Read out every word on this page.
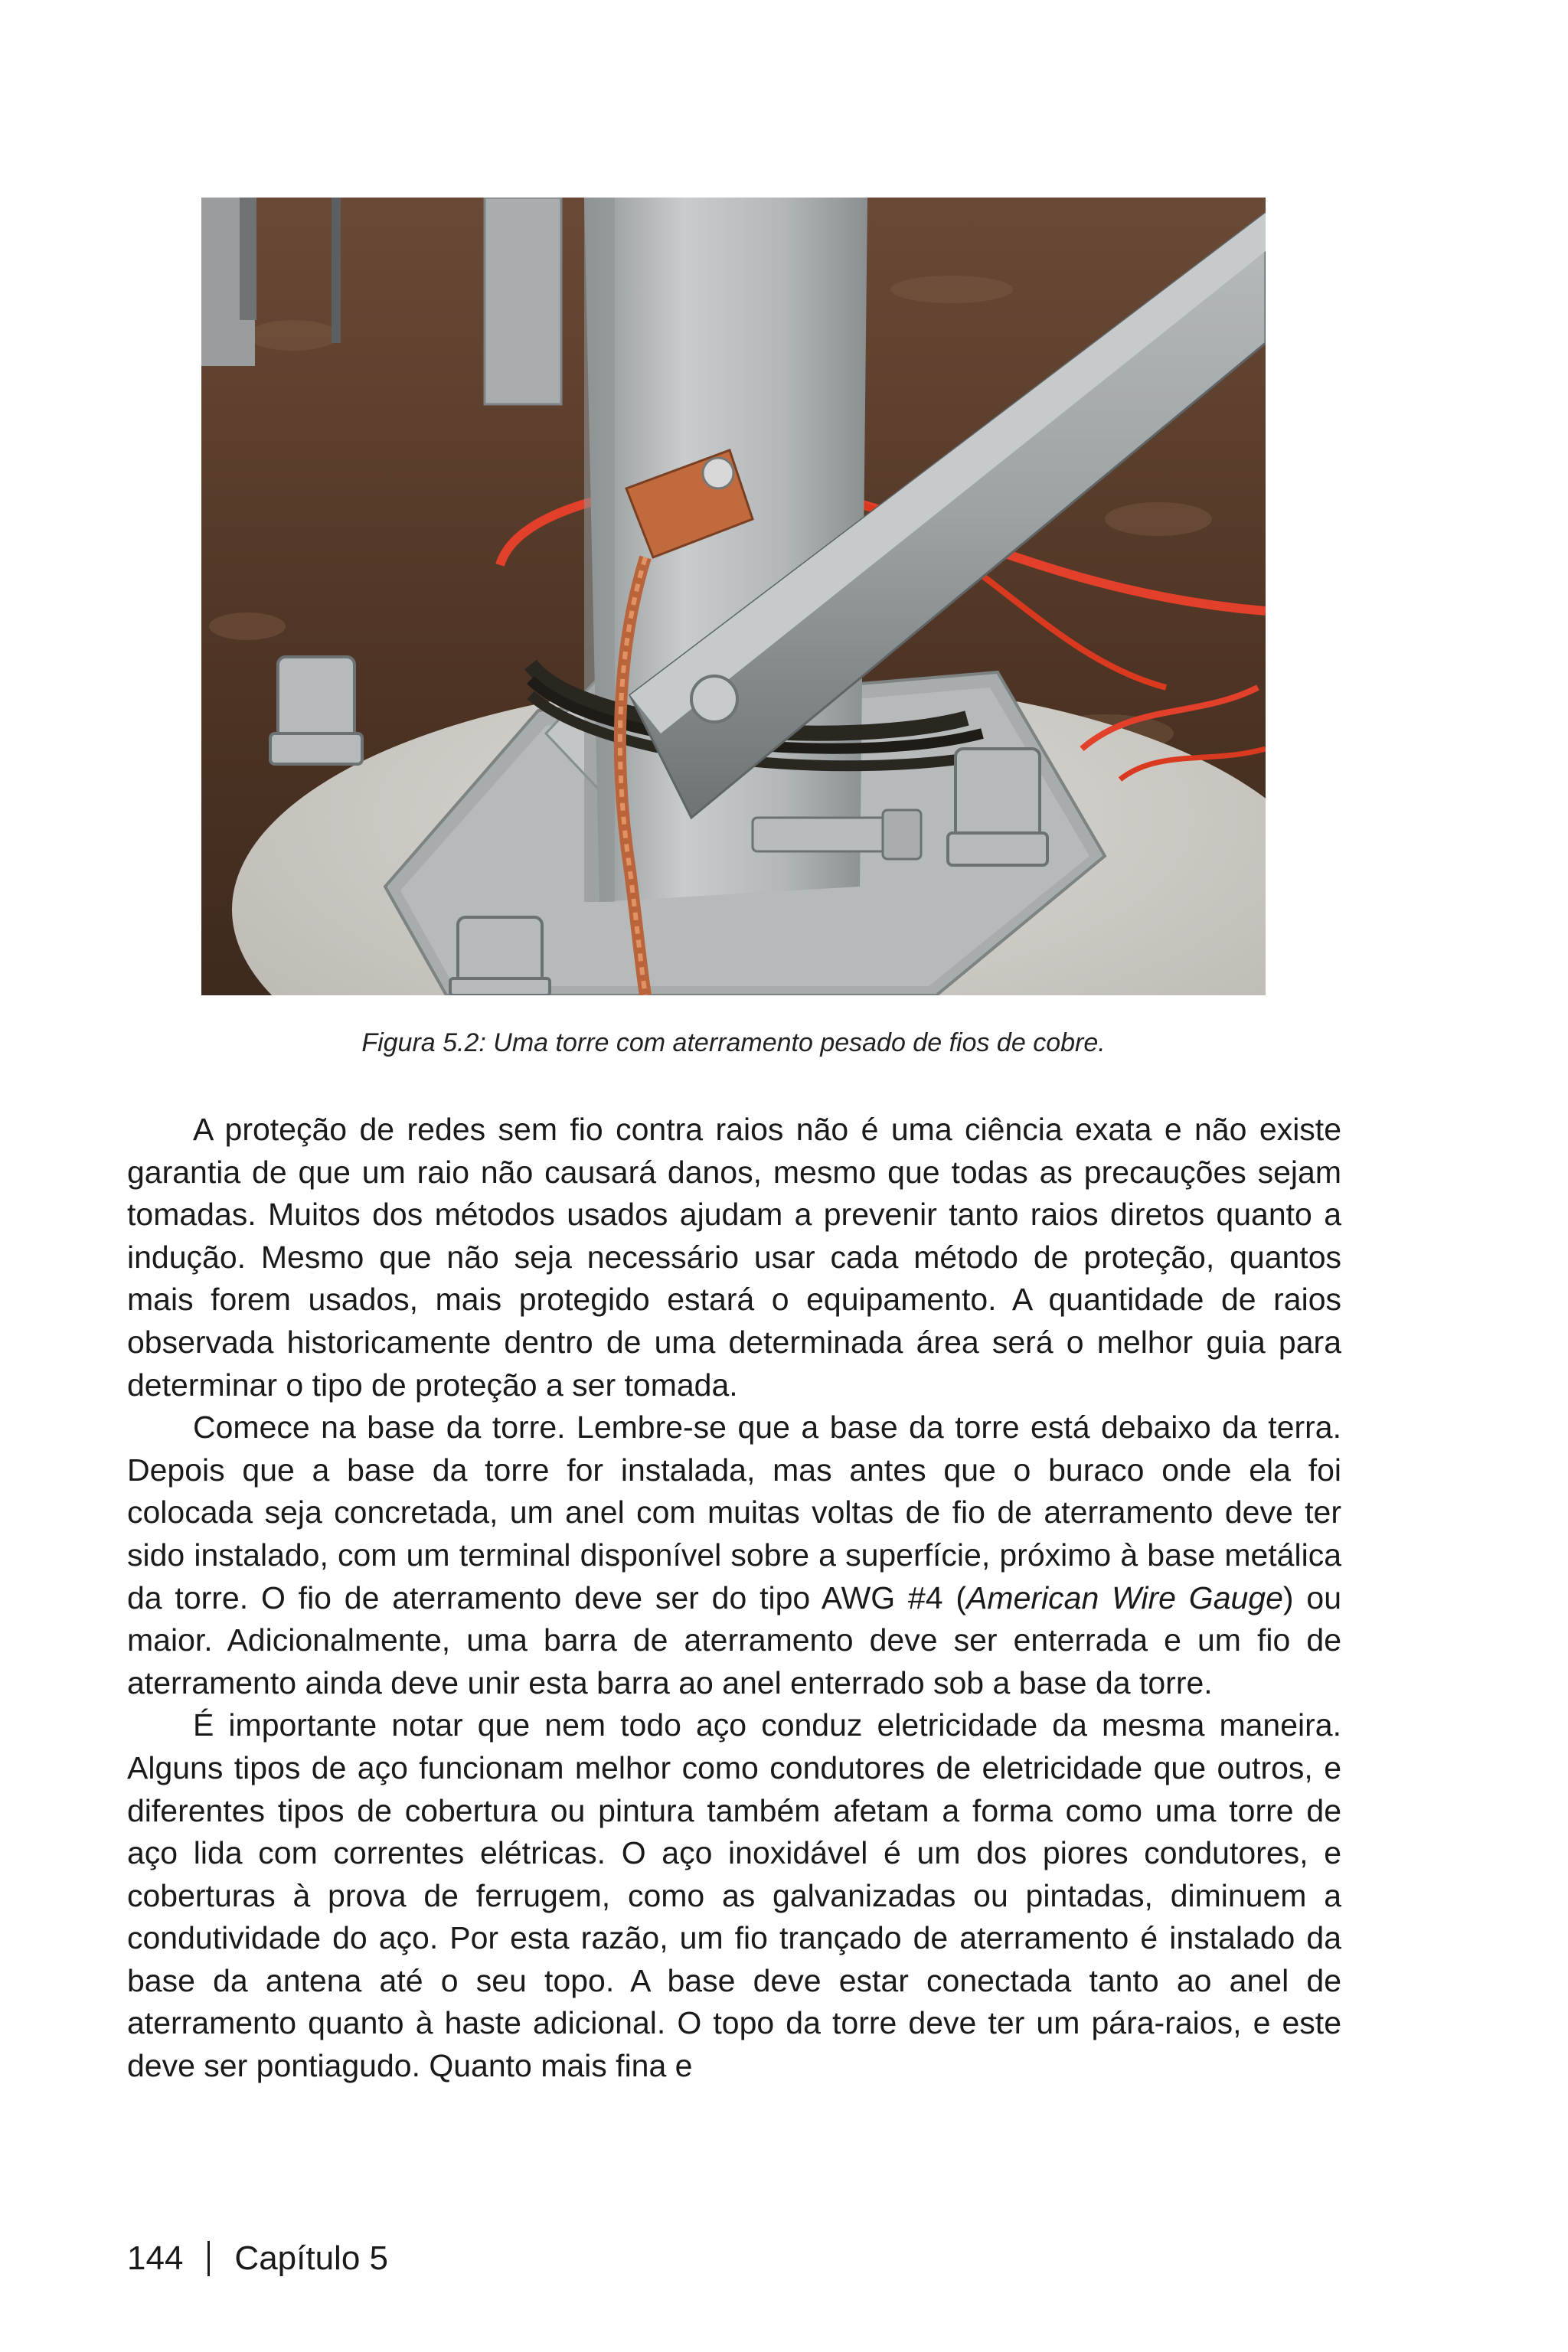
Figura 5.2: Uma torre com aterramento pesado de fios de cobre.

A proteção de redes sem fio contra raios não é uma ciência exata e não existe garantia de que um raio não causará danos, mesmo que todas as precauções sejam tomadas. Muitos dos métodos usados ajudam a prevenir tanto raios diretos quanto a indução. Mesmo que não seja necessário usar cada método de proteção, quantos mais forem usados, mais protegido estará o equipamento. A quantidade de raios observada historicamente dentro de uma determinada área será o melhor guia para determinar o tipo de proteção a ser tomada.

Comece na base da torre. Lembre-se que a base da torre está debaixo da terra. Depois que a base da torre for instalada, mas antes que o buraco onde ela foi colocada seja concretada, um anel com muitas voltas de fio de aterramento deve ter sido instalado, com um terminal disponível sobre a superfície, próximo à base metálica da torre. O fio de aterramento deve ser do tipo AWG #4 (American Wire Gauge) ou maior. Adicionalmente, uma barra de aterramento deve ser enterrada e um fio de aterramento ainda deve unir esta barra ao anel enterrado sob a base da torre.

É importante notar que nem todo aço conduz eletricidade da mesma maneira. Alguns tipos de aço funcionam melhor como condutores de eletricidade que outros, e diferentes tipos de cobertura ou pintura também afetam a forma como uma torre de aço lida com correntes elétricas. O aço inoxidável é um dos piores condutores, e coberturas à prova de ferrugem, como as galvanizadas ou pintadas, diminuem a condutividade do aço. Por esta razão, um fio trançado de aterramento é instalado da base da antena até o seu topo. A base deve estar conectada tanto ao anel de aterramento quanto à haste adicional. O topo da torre deve ter um pára-raios, e este deve ser pontiagudo. Quanto mais fina e

144 Capítulo 5
